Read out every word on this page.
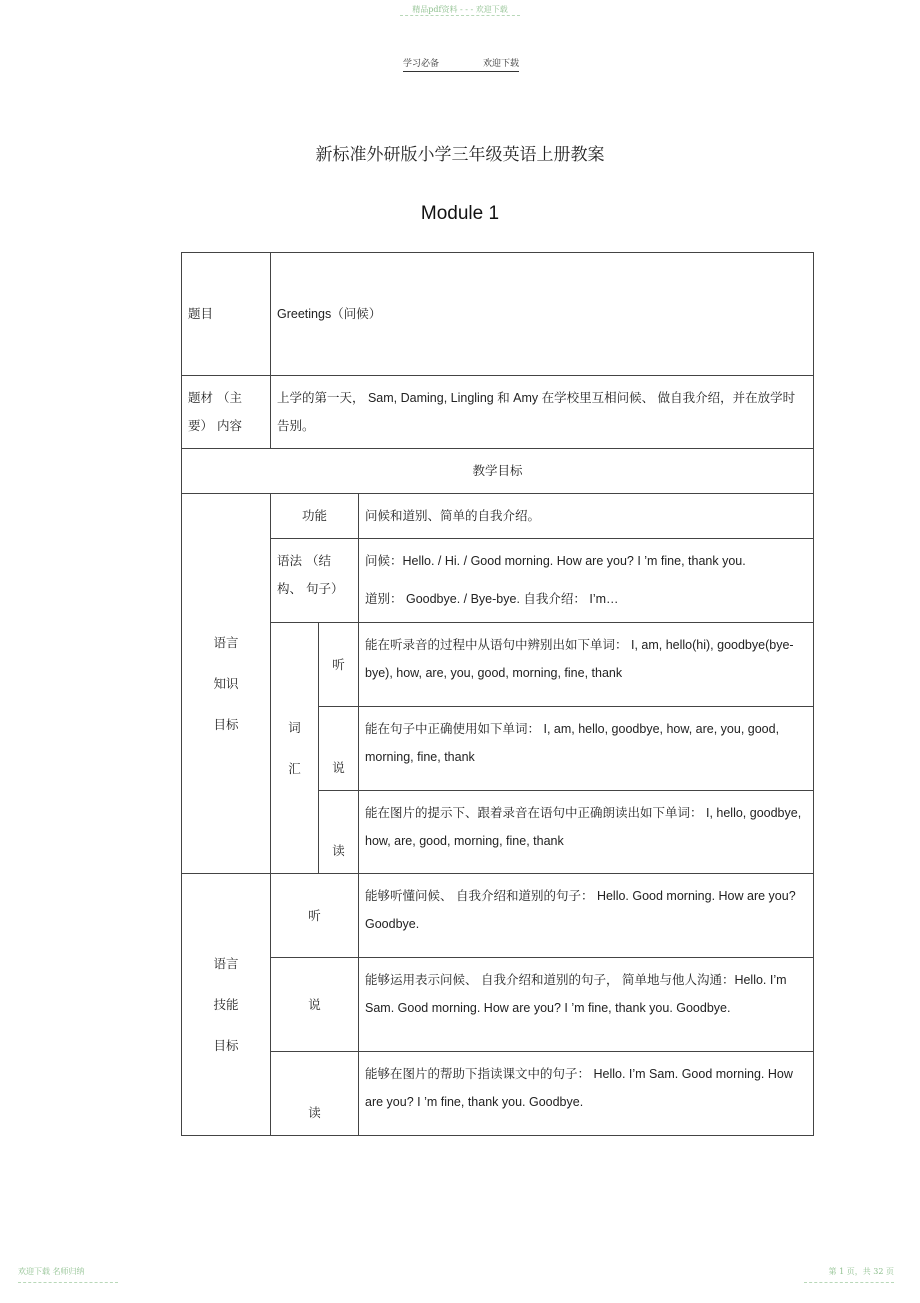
精品pdf资料 - - - 欢迎下载
学习必备	欢迎下载
新标准外研版小学三年级英语上册教案
Module 1
题目	Greetings（问候）		
题材 （主要） 内容	上学的第一天， Sam, Daming, Lingling 和 Amy 在学校里互相问候、 做自我介绍，并在放学时告别。		
教学目标			

语言
知识
目标	功能		问候和道别、简单的自我介绍。
	语法 （结构、 句子）		问候：Hello. / Hi. / Good morning. How are you? I ’m fine, thank you.
道别： Goodbye. / Bye-bye. 自我介绍： I’m…

	词
汇	听	能在听录音的过程中从语句中辨别出如下单词： I, am, hello(hi), goodbye(bye-bye), how, are, you, good, morning, fine, thank
		说	能在句子中正确使用如下单词： I, am, hello, goodbye, how, are, you, good, morning, fine, thank
		读	能在图片的提示下、跟着录音在语句中正确朗读出如下单词： I, hello, goodbye, how, are, good, morning, fine, thank

语言
技能
目标	听		能够听懂问候、 自我介绍和道别的句子： Hello. Good morning. How are you? Goodbye.
	说		能够运用表示问候、 自我介绍和道别的句子， 简单地与他人沟通：Hello. I’m Sam. Good morning. How are you? I ’m fine, thank you. Goodbye.
	读		能够在图片的帮助下指读课文中的句子： Hello. I’m Sam. Good morning. How are you? I ’m fine, thank you. Goodbye.
欢迎下载 名师归纳	第 1 页，共 32 页
